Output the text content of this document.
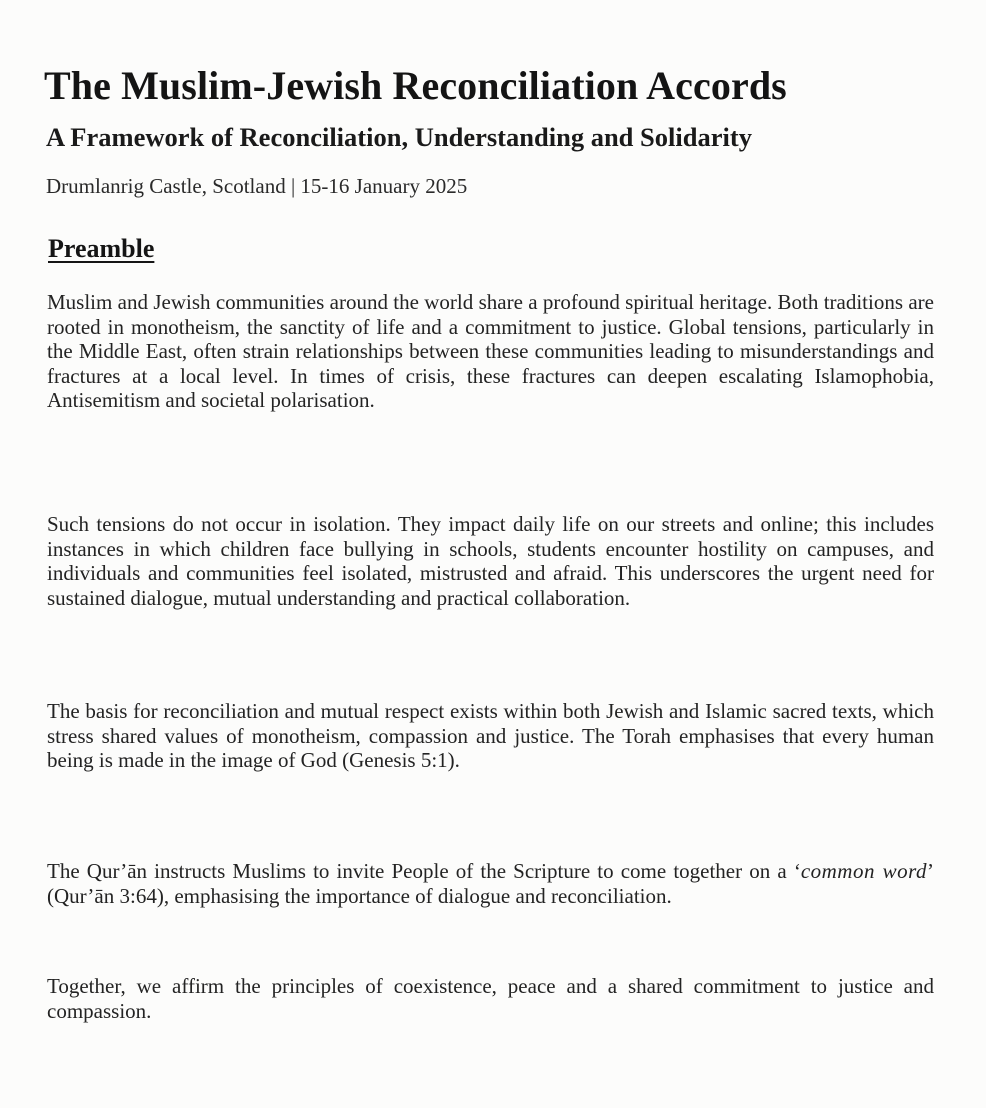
The Muslim-Jewish Reconciliation Accords
A Framework of Reconciliation, Understanding and Solidarity

Drumlanrig Castle, Scotland | 15-16 January 2025

Preamble

Muslim and Jewish communities around the world share a profound spiritual heritage. Both traditions are rooted in monotheism, the sanctity of life and a commitment to justice. Global tensions, particularly in the Middle East, often strain relationships between these communities leading to misunderstandings and fractures at a local level. In times of crisis, these fractures can deepen escalating Islamophobia, Antisemitism and societal polarisation.

Such tensions do not occur in isolation. They impact daily life on our streets and online; this includes instances in which children face bullying in schools, students encounter hostility on campuses, and individuals and communities feel isolated, mistrusted and afraid. This underscores the urgent need for sustained dialogue, mutual understanding and practical collaboration.

The basis for reconciliation and mutual respect exists within both Jewish and Islamic sacred texts, which stress shared values of monotheism, compassion and justice. The Torah emphasises that every human being is made in the image of God (Genesis 5:1).

The Qur’ān instructs Muslims to invite People of the Scripture to come together on a ‘common word’ (Qur’ān 3:64), emphasising the importance of dialogue and reconciliation.

Together, we affirm the principles of coexistence, peace and a shared commitment to justice and compassion.
